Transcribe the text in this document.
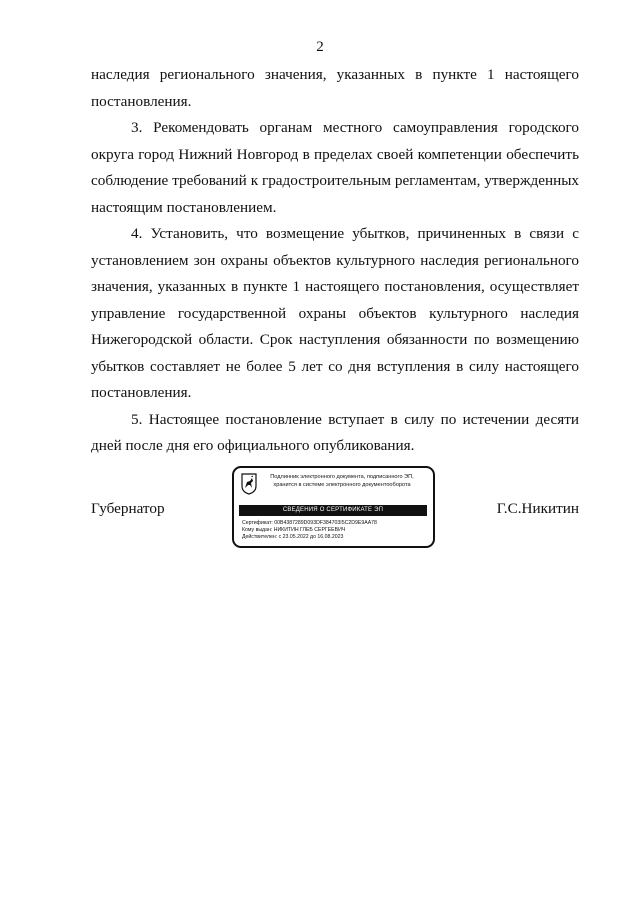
2

наследия регионального значения, указанных в пункте 1 настоящего постановления.

3. Рекомендовать органам местного самоуправления городского округа город Нижний Новгород в пределах своей компетенции обеспечить соблюдение требований к градостроительным регламентам, утвержденных настоящим постановлением.

4. Установить, что возмещение убытков, причиненных в связи с установлением зон охраны объектов культурного наследия регионального значения, указанных в пункте 1 настоящего постановления, осуществляет управление государственной охраны объектов культурного наследия Нижегородской области. Срок наступления обязанности по возмещению убытков составляет не более 5 лет со дня вступления в силу настоящего постановления.

5. Настоящее постановление вступает в силу по истечении десяти дней после дня его официального опубликования.

Губернатор
Подлинник электронного документа, подписанного ЭП,
хранится в системе электронного документооборота
СВЕДЕНИЯ О СЕРТИФИКАТЕ ЭП
Сертификат: 00B4387289D093DF384703I5C2D9E9AA78
Кому выдан: НИКИТИН ГЛЕБ СЕРГЕЕВИЧ
Действителен: с 23.05.2022 до 16.08.2023
Г.С.Никитин
